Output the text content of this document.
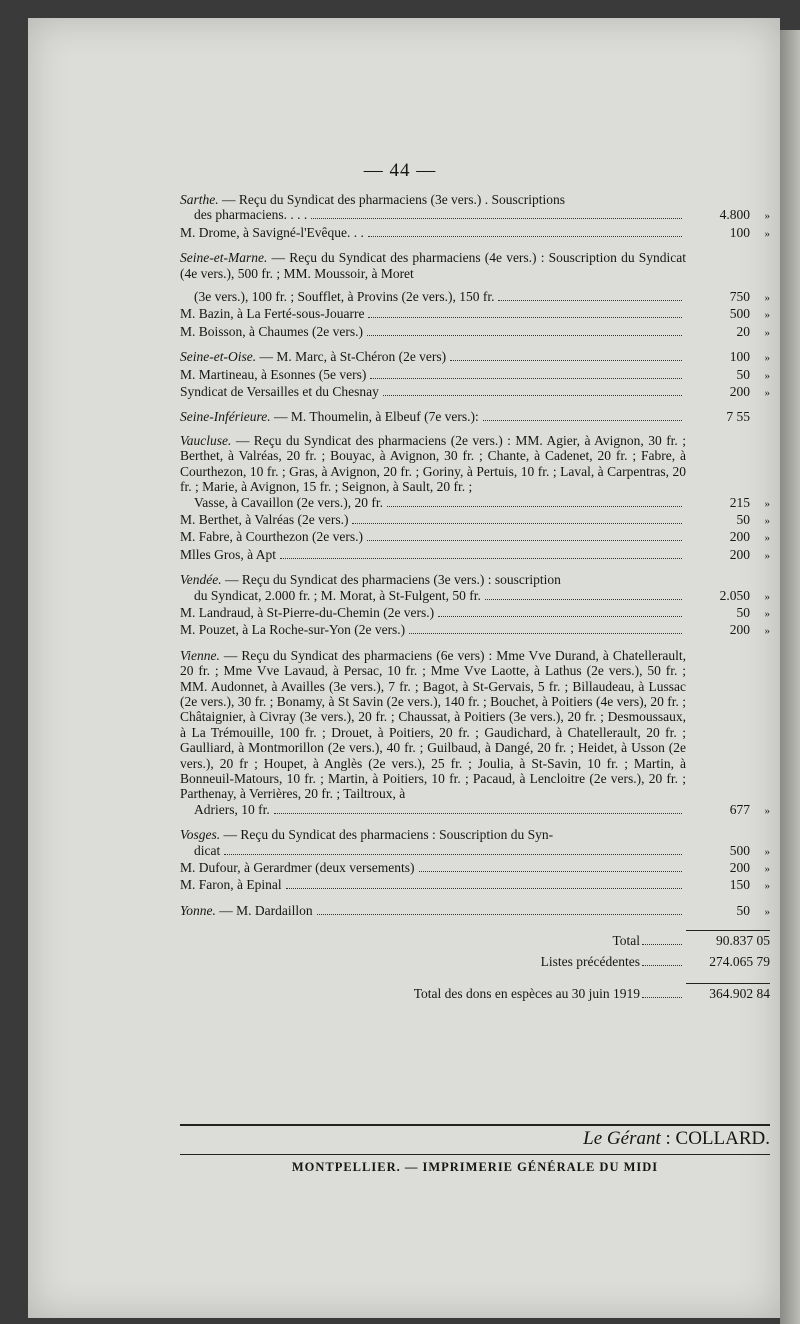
— 44 —
Sarthe. — Reçu du Syndicat des pharmaciens (3e vers.) . Souscriptions
des pharmaciens. . . .	4.800	»
M. Drome, à Savigné-l'Evêque. . .	100	»
Seine-et-Marne. — Reçu du Syndicat des pharmaciens (4e vers.) : Souscription du Syndicat (4e vers.), 500 fr. ; MM. Moussoir, à Moret
(3e vers.), 100 fr. ; Soufflet, à Provins (2e vers.), 150 fr.	750	»
M. Bazin, à La Ferté-sous-Jouarre	500	»
M. Boisson, à Chaumes (2e vers.)	20	»
Seine-et-Oise. — M. Marc, à St-Chéron (2e vers)	100	»
M. Martineau, à Esonnes (5e vers)	50	»
Syndicat de Versailles et du Chesnay	200	»
Seine-Inférieure. — M. Thoumelin, à Elbeuf (7e vers.):	7 55
Vaucluse. — Reçu du Syndicat des pharmaciens (2e vers.) : MM. Agier, à Avignon, 30 fr. ; Berthet, à Valréas, 20 fr. ; Bouyac, à Avignon, 30 fr. ; Chante, à Cadenet, 20 fr. ; Fabre, à Courthezon, 10 fr. ; Gras, à Avignon, 20 fr. ; Goriny, à Pertuis, 10 fr. ; Laval, à Carpentras, 20 fr. ; Marie, à Avignon, 15 fr. ; Seignon, à Sault, 20 fr. ;
Vasse, à Cavaillon (2e vers.), 20 fr.	215	»
M. Berthet, à Valréas (2e vers.)	50	»
M. Fabre, à Courthezon (2e vers.)	200	»
Mlles Gros, à Apt	200	»
Vendée. — Reçu du Syndicat des pharmaciens (3e vers.) : souscription
du Syndicat, 2.000 fr. ; M. Morat, à St-Fulgent, 50 fr.	2.050	»
M. Landraud, à St-Pierre-du-Chemin (2e vers.)	50	»
M. Pouzet, à La Roche-sur-Yon (2e vers.)	200	»
Vienne. — Reçu du Syndicat des pharmaciens (6e vers) : Mme Vve Durand, à Chatellerault, 20 fr. ; Mme Vve Lavaud, à Persac, 10 fr. ; Mme Vve Laotte, à Lathus (2e vers.), 50 fr. ; MM. Audonnet, à Availles (3e vers.), 7 fr. ; Bagot, à St-Gervais, 5 fr. ; Billaudeau, à Lussac (2e vers.), 30 fr. ; Bonamy, à St Savin (2e vers.), 140 fr. ; Bouchet, à Poitiers (4e vers), 20 fr. ; Châtaignier, à Civray (3e vers.), 20 fr. ; Chaussat, à Poitiers (3e vers.), 20 fr. ; Desmoussaux, à La Trémouille, 100 fr. ; Drouet, à Poitiers, 20 fr. ; Gaudichard, à Chatellerault, 20 fr. ; Gaulliard, à Montmorillon (2e vers.), 40 fr. ; Guilbaud, à Dangé, 20 fr. ; Heidet, à Usson (2e vers.), 20 fr ; Houpet, à Anglès (2e vers.), 25 fr. ; Joulia, à St-Savin, 10 fr. ; Martin, à Bonneuil-Matours, 10 fr. ; Martin, à Poitiers, 10 fr. ; Pacaud, à Lencloitre (2e vers.), 20 fr. ; Parthenay, à Verrières, 20 fr. ; Tailtroux, à
Adriers, 10 fr.	677	»
Vosges. — Reçu du Syndicat des pharmaciens : Souscription du Syn-
dicat	500	»
M. Dufour, à Gerardmer (deux versements)	200	»
M. Faron, à Epinal	150	»
Yonne. — M. Dardaillon	50	»
Total	90.837 05
Listes précédentes	274.065 79
Total des dons en espèces au 30 juin 1919	364.902 84
Le Gérant : COLLARD.
MONTPELLIER. — IMPRIMERIE GÉNÉRALE DU MIDI
